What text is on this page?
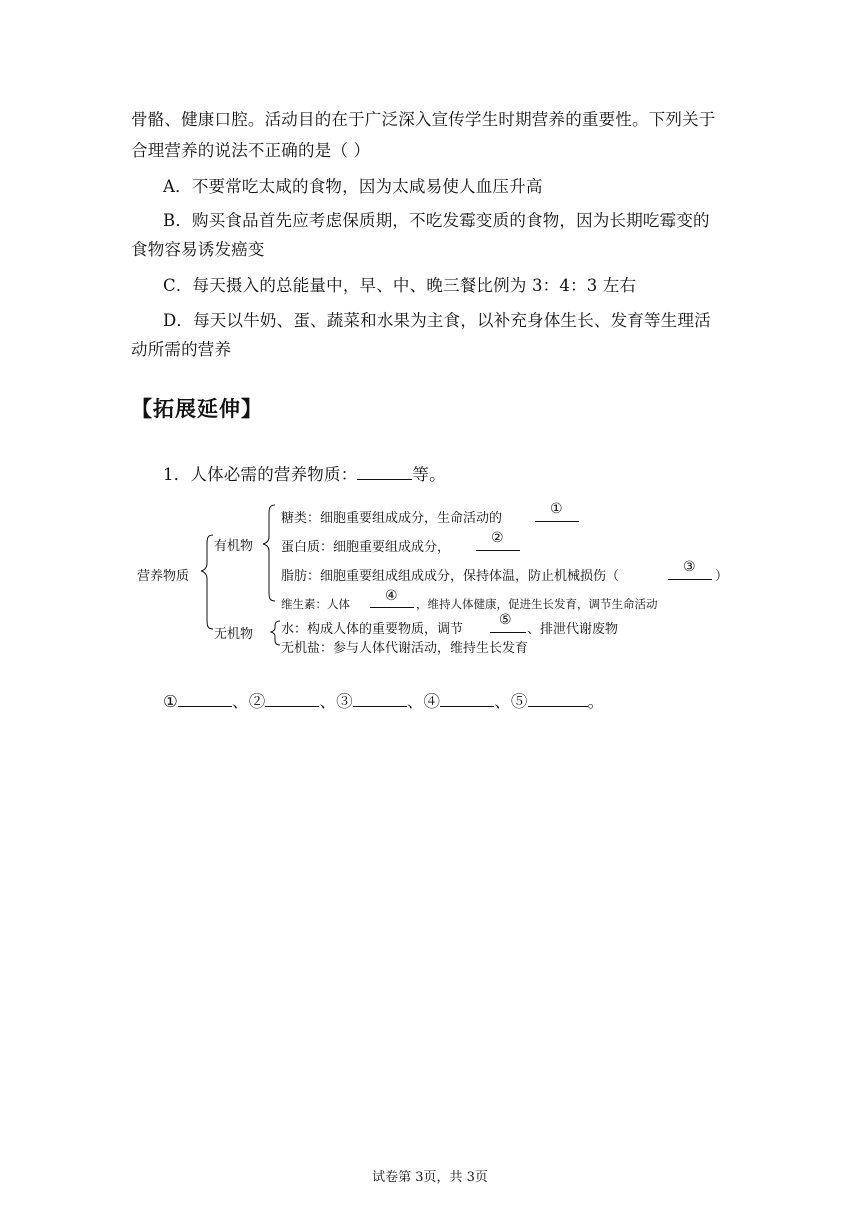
骨骼、健康口腔。活动目的在于广泛深入宣传学生时期营养的重要性。下列关于
合理营养的说法不正确的是（ ）
A．不要常吃太咸的食物，因为太咸易使人血压升高
B．购买食品首先应考虑保质期，不吃发霉变质的食物，因为长期吃霉变的
食物容易诱发癌变
C．每天摄入的总能量中，早、中、晚三餐比例为 3：4：3 左右
D．每天以牛奶、蛋、蔬菜和水果为主食，以补充身体生长、发育等生理活
动所需的营养
【拓展延伸】
1．人体必需的营养物质：	等。
营养物质
有机物
无机物
糖类：细胞重要组成成分，生命活动的
①
蛋白质：细胞重要组成成分，
②
脂肪：细胞重要组成组成成分，保持体温，防止机械损伤（
③
）
维生素：人体	④ ，维持人体健康，促进生长发育，调节生命活动
水：构成人体的重要物质，调节
⑤
、排泄代谢废物
无机盐：参与人体代谢活动，维持生长发育
①	、②	、③	、④	、⑤	。
试卷第 3页，共 3页
